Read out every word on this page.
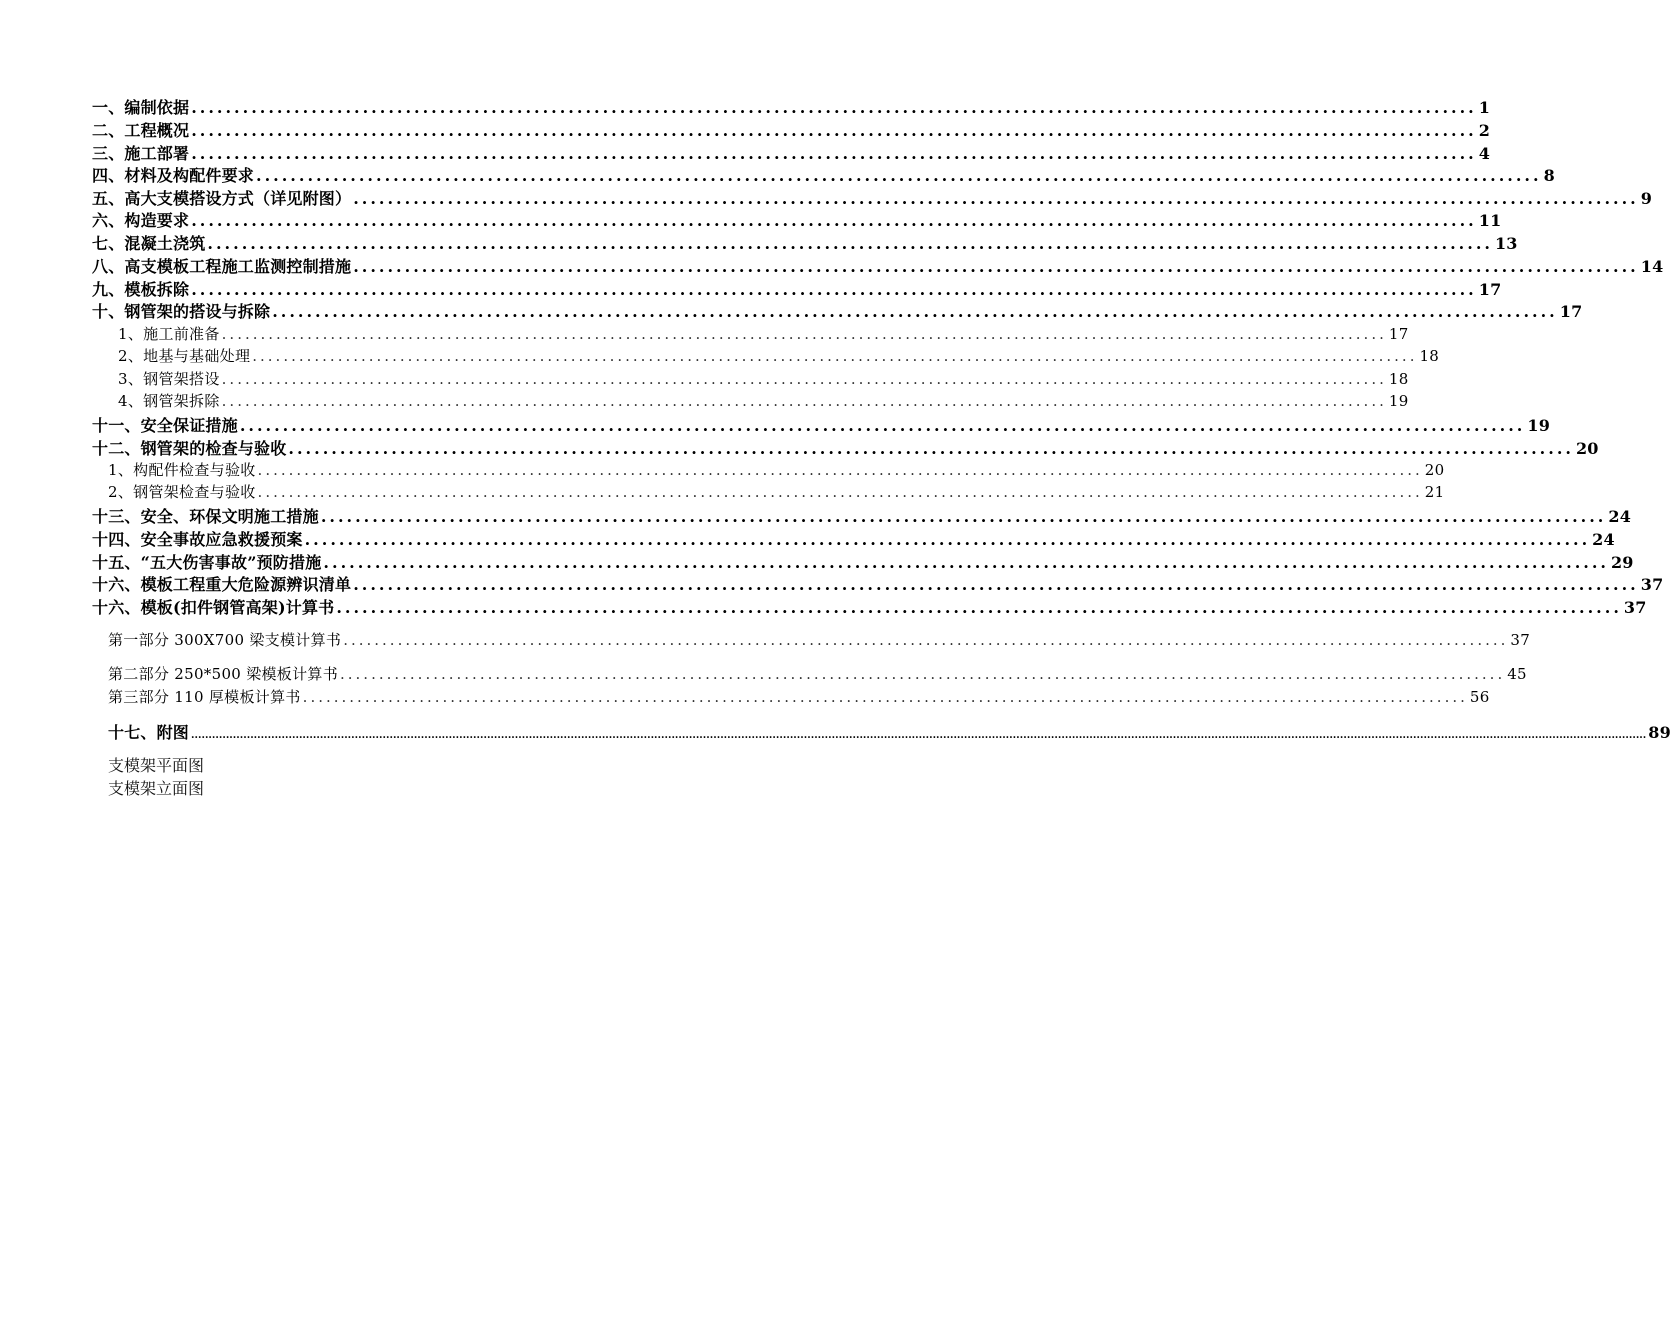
一、编制依据 ...................................................................................................................................................... 1
二、工程概况 ...................................................................................................................................................... 2
三、施工部署 ...................................................................................................................................................... 4
四、材料及构配件要求 ...................................................................................................................................................... 8
五、高大支模搭设方式（详见附图） ...................................................................................................................................................... 9
六、构造要求 ...................................................................................................................................................... 11
七、混凝土浇筑 ...................................................................................................................................................... 13
八、高支模板工程施工监测控制措施 ...................................................................................................................................................... 14
九、模板拆除 ...................................................................................................................................................... 17
十、钢管架的搭设与拆除 ...................................................................................................................................................... 17
1、施工前准备 ...................................................................................................................................................... 17
2、地基与基础处理 ...................................................................................................................................................... 18
3、钢管架搭设 ...................................................................................................................................................... 18
4、钢管架拆除 ...................................................................................................................................................... 19
十一、安全保证措施 ...................................................................................................................................................... 19
十二、钢管架的检查与验收 ...................................................................................................................................................... 20
1、构配件检查与验收 ...................................................................................................................................................... 20
2、钢管架检查与验收 ...................................................................................................................................................... 21
十三、安全、环保文明施工措施 ...................................................................................................................................................... 24
十四、安全事故应急救援预案 ...................................................................................................................................................... 24
十五、“五大伤害事故”预防措施 ...................................................................................................................................................... 29
十六、模板工程重大危险源辨识清单 ...................................................................................................................................................... 37
十六、模板(扣件钢管高架)计算书 ...................................................................................................................................................... 37
第一部分 300X700 梁支模计算书 ...................................................................................................................................................... 37
第二部分 250*500 梁模板计算书 ...................................................................................................................................................... 45
第三部分 110 厚模板计算书 ...................................................................................................................................................... 56
十七、附图 .................................................................................................................................................................................................................................................................................................................................................................................................................................. 89
支模架平面图
支模架立面图
